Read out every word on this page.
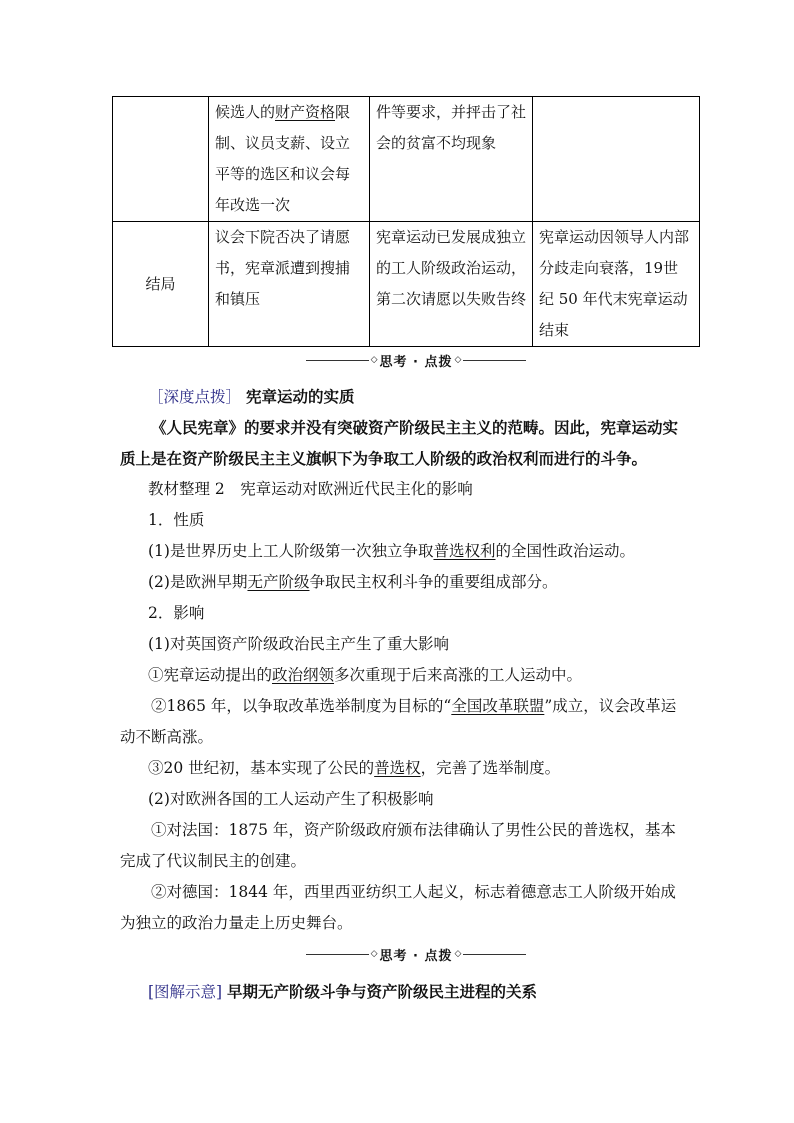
	候选人的财产资格限制、议员支薪、设立平等的选区和议会每年改选一次	件等要求，并抨击了社会的贫富不均现象	

结局	议会下院否决了请愿书，宪章派遭到搜捕和镇压	宪章运动已发展成独立的工人阶级政治运动，第二次请愿以失败告终	宪章运动因领导人内部分歧走向衰落，19世纪 50 年代末宪章运动结束
◇ 思考 · 点拨 ◇
［深度点拨］ 宪章运动的实质
《人民宪章》的要求并没有突破资产阶级民主主义的范畴。因此，宪章运动实质上是在资产阶级民主主义旗帜下为争取工人阶级的政治权利而进行的斗争。
教材整理 2　宪章运动对欧洲近代民主化的影响
1．性质
(1)是世界历史上工人阶级第一次独立争取普选权利的全国性政治运动。
(2)是欧洲早期无产阶级争取民主权利斗争的重要组成部分。
2．影响
(1)对英国资产阶级政治民主产生了重大影响
①宪章运动提出的政治纲领多次重现于后来高涨的工人运动中。
②1865 年，以争取改革选举制度为目标的“全国改革联盟”成立，议会改革运动不断高涨。
③20 世纪初，基本实现了公民的普选权，完善了选举制度。
(2)对欧洲各国的工人运动产生了积极影响
①对法国：1875 年，资产阶级政府颁布法律确认了男性公民的普选权，基本完成了代议制民主的创建。
②对德国：1844 年，西里西亚纺织工人起义，标志着德意志工人阶级开始成为独立的政治力量走上历史舞台。
◇ 思考 · 点拨 ◇
[图解示意] 早期无产阶级斗争与资产阶级民主进程的关系
